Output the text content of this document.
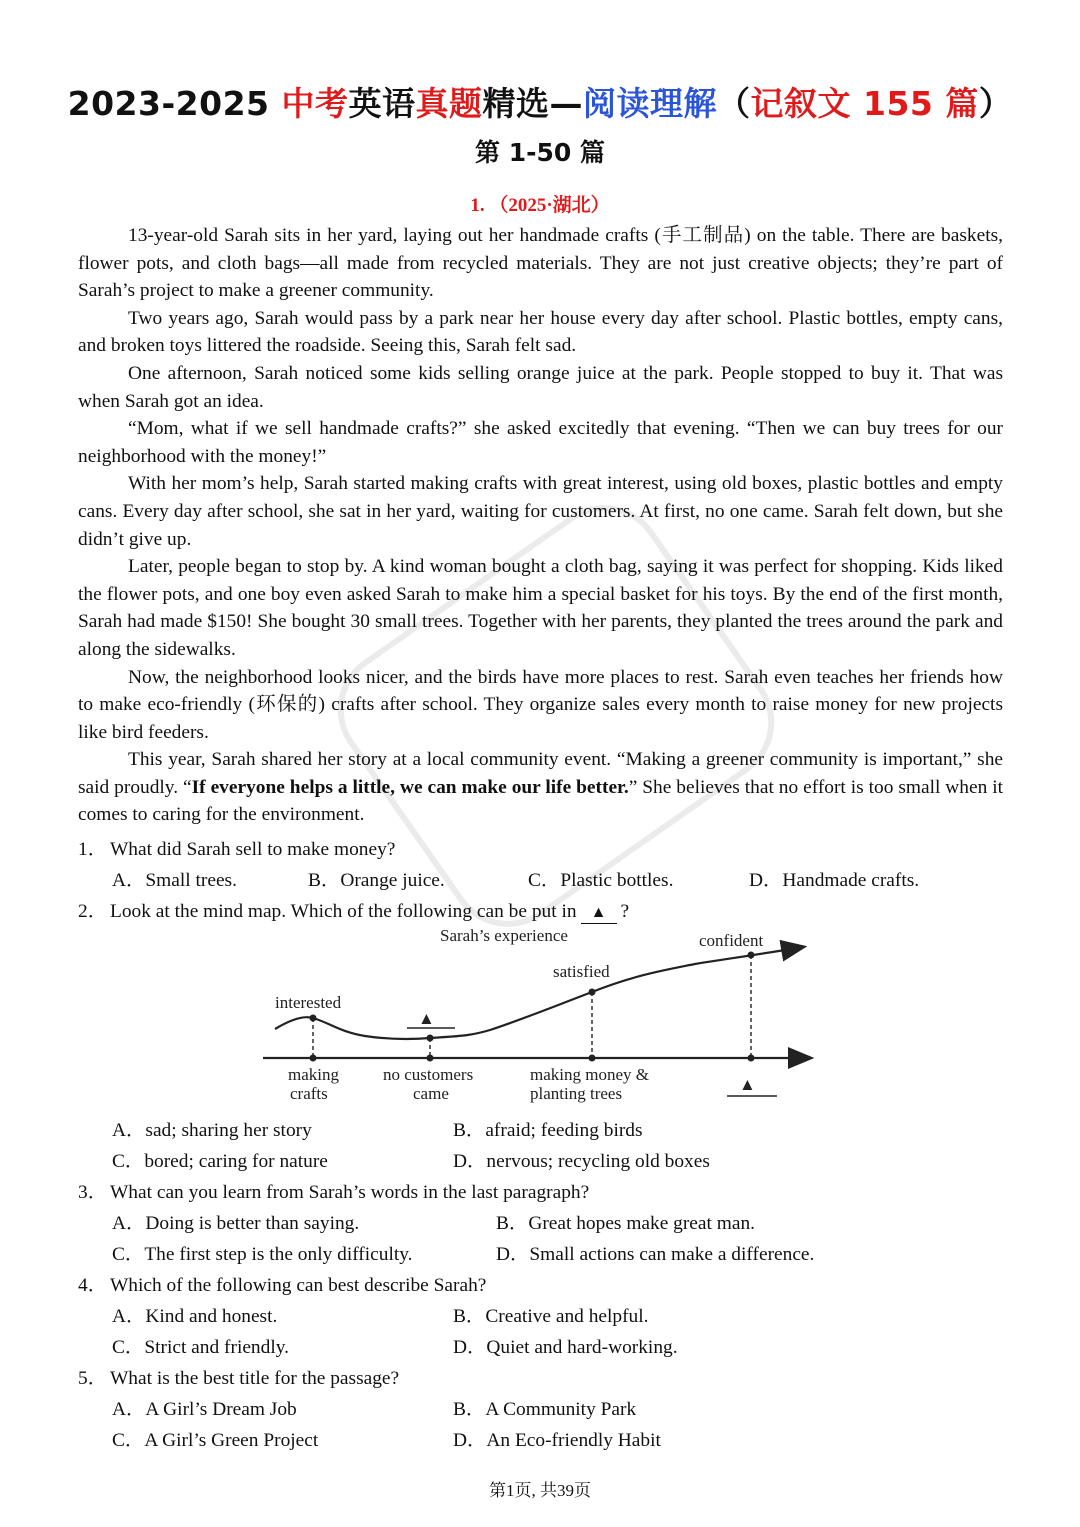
2023-2025 中考英语真题精选—阅读理解（记叙文 155 篇）
第 1-50 篇
1. （2025·湖北）

13-year-old Sarah sits in her yard, laying out her handmade crafts (手工制品) on the table. There are baskets, flower pots, and cloth bags—all made from recycled materials. They are not just creative objects; they’re part of Sarah’s project to make a greener community.

Two years ago, Sarah would pass by a park near her house every day after school. Plastic bottles, empty cans, and broken toys littered the roadside. Seeing this, Sarah felt sad.

One afternoon, Sarah noticed some kids selling orange juice at the park. People stopped to buy it. That was when Sarah got an idea.

“Mom, what if we sell handmade crafts?” she asked excitedly that evening. “Then we can buy trees for our neighborhood with the money!”

With her mom’s help, Sarah started making crafts with great interest, using old boxes, plastic bottles and empty cans. Every day after school, she sat in her yard, waiting for customers. At first, no one came. Sarah felt down, but she didn’t give up.

Later, people began to stop by. A kind woman bought a cloth bag, saying it was perfect for shopping. Kids liked the flower pots, and one boy even asked Sarah to make him a special basket for his toys. By the end of the first month, Sarah had made $150! She bought 30 small trees. Together with her parents, they planted the trees around the park and along the sidewalks.

Now, the neighborhood looks nicer, and the birds have more places to rest. Sarah even teaches her friends how to make eco-friendly (环保的) crafts after school. They organize sales every month to raise money for new projects like bird feeders.

This year, Sarah shared her story at a local community event. “Making a greener community is important,” she said proudly. “If everyone helps a little, we can make our life better.” She believes that no effort is too small when it comes to caring for the environment.

1． What did Sarah sell to make money?
A．Small trees.	B．Orange juice.	C．Plastic bottles.	D．Handmade crafts.
2． Look at the mind map. Which of the following can be put in ▲ ?
A．sad; sharing her story	B．afraid; feeding birds
C．bored; caring for nature	D．nervous; recycling old boxes
3． What can you learn from Sarah’s words in the last paragraph?
A．Doing is better than saying.	B．Great hopes make great man.
C．The first step is the only difficulty.	D．Small actions can make a difference.
4． Which of the following can best describe Sarah?
A．Kind and honest.	B．Creative and helpful.
C．Strict and friendly.	D．Quiet and hard-working.
5． What is the best title for the passage?
A．A Girl’s Dream Job	B．A Community Park
C．A Girl’s Green Project	D．An Eco-friendly Habit
Sarah’s experience
interested
▲
satisfied
confident
making
crafts
no customers
came
making money &
planting trees	▲
第1页, 共39页
